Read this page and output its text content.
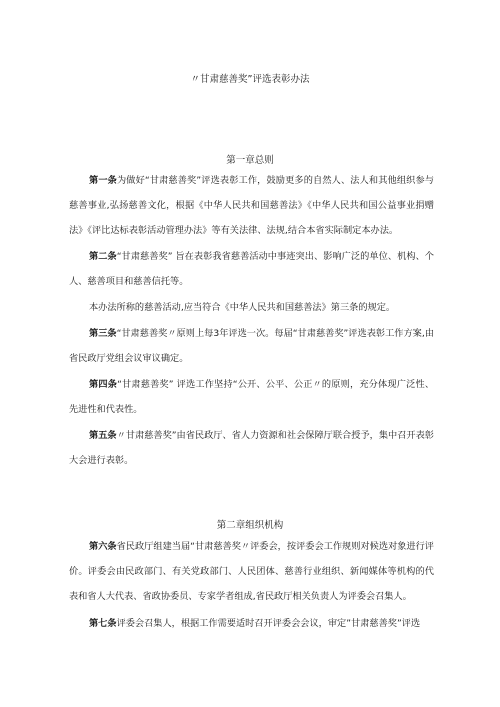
〃甘肃慈善奖”评选表彰办法
第一章总则
第一条为做好“甘肃慈善奖”评选表彰工作，鼓励更多的自然人、法人和其他组织参与慈善事业,弘扬慈善文化，根据《中华人民共和国慈善法》《中华人民共和国公益事业捐赠法》《评比达标表彰活动管理办法》等有关法律、法规,结合本省实际制定本办法。
第二条“甘肃慈善奖” 旨在表彰我省慈善活动中事迹突出、影响广泛的单位、机构、个人、慈善项目和慈善信托等。
本办法所称的慈善活动,应当符合《中华人民共和国慈善法》第三条的规定。
第三条“甘肃慈善奖〃原则上每3年评选一次。每届“甘肃慈善奖”评选表彰工作方案,由省民政厅党组会议审议确定。
第四条“甘肃慈善奖” 评选工作坚持“公开、公平、公正〃的原则，充分体现广泛性、先进性和代表性。
第五条〃甘肃慈善奖”由省民政厅、省人力资源和社会保障厅联合授予，集中召开表彰大会进行表彰。
第二章组织机构
第六条省民政厅组建当届“甘肃慈善奖〃评委会，按评委会工作规则对候选对象进行评价。评委会由民政部门、有关党政部门、人民团体、慈善行业组织、新闻媒体等机构的代表和省人大代表、省政协委员、专家学者组成,省民政厅相关负责人为评委会召集人。
第七条评委会召集人，根据工作需要适时召开评委会会议，审定”甘肃慈善奖”评选
